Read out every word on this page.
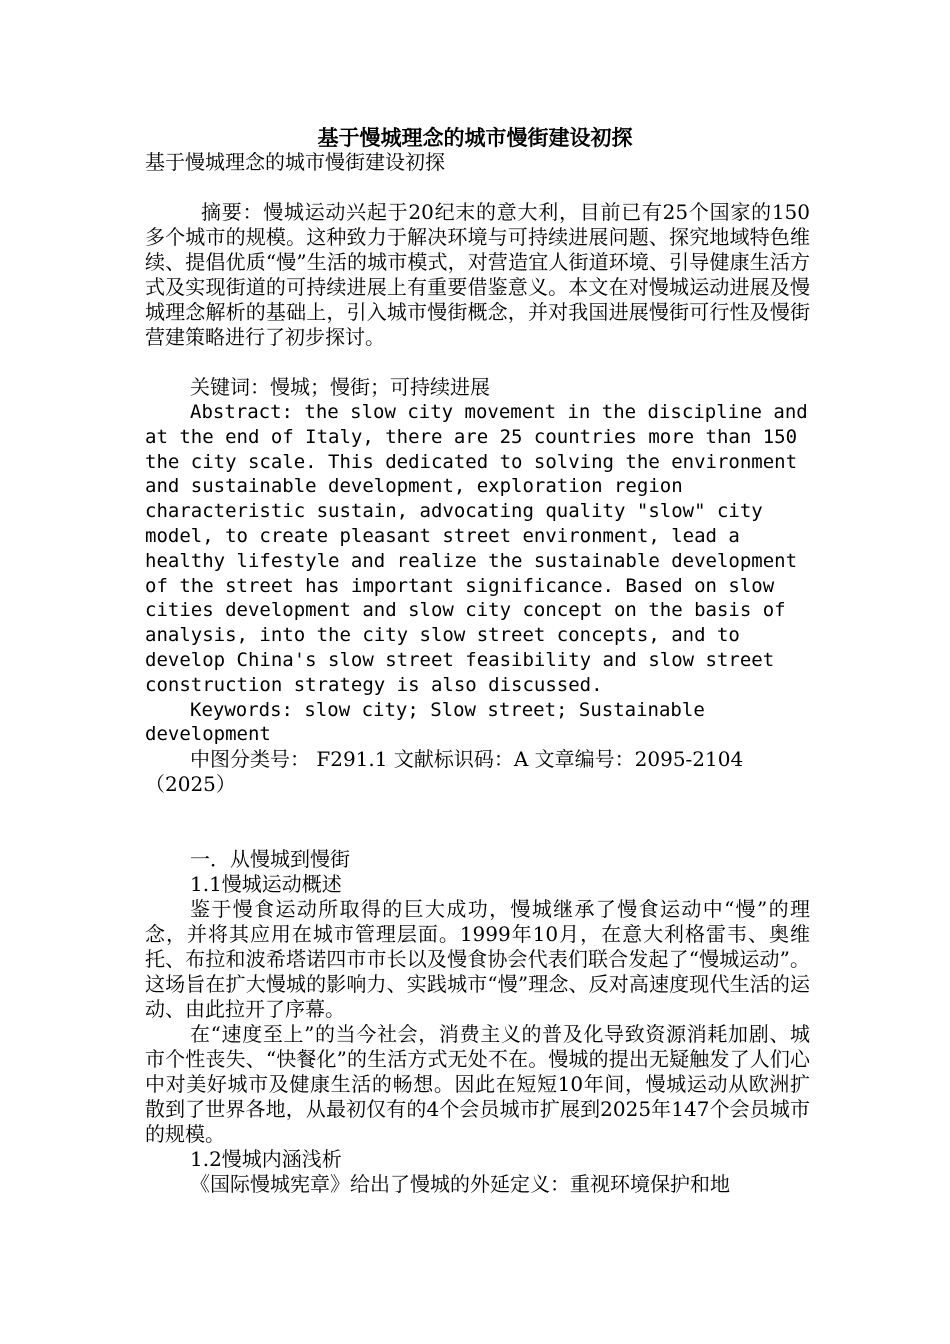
基于慢城理念的城市慢街建设初探

基于慢城理念的城市慢街建设初探

摘要：慢城运动兴起于20纪末的意大利，目前已有25个国家的150多个城市的规模。这种致力于解决环境与可持续进展问题、探究地域特色维续、提倡优质“慢”生活的城市模式，对营造宜人街道环境、引导健康生活方式及实现街道的可持续进展上有重要借鉴意义。本文在对慢城运动进展及慢城理念解析的基础上，引入城市慢街概念，并对我国进展慢街可行性及慢街营建策略进行了初步探讨。

关键词：慢城；慢街；可持续进展

Abstract: the slow city movement in the discipline and at the end of Italy, there are 25 countries more than 150 the city scale. This dedicated to solving the environment and sustainable development, exploration region characteristic sustain, advocating quality "slow" city model, to create pleasant street environment, lead a healthy lifestyle and realize the sustainable development of the street has important significance. Based on slow cities development and slow city concept on the basis of analysis, into the city slow street concepts, and to develop China's slow street feasibility and slow street construction strategy is also discussed.

Keywords: slow city; Slow street; Sustainable development

中图分类号： F291.1 文献标识码：A 文章编号：2095-2104（2025）

一．从慢城到慢街

1.1慢城运动概述

鉴于慢食运动所取得的巨大成功，慢城继承了慢食运动中“慢”的理念，并将其应用在城市管理层面。1999年10月，在意大利格雷韦、奥维托、布拉和波希塔诺四市市长以及慢食协会代表们联合发起了“慢城运动”。这场旨在扩大慢城的影响力、实践城市“慢”理念、反对高速度现代生活的运动、由此拉开了序幕。

在“速度至上”的当今社会，消费主义的普及化导致资源消耗加剧、城市个性丧失、“快餐化”的生活方式无处不在。慢城的提出无疑触发了人们心中对美好城市及健康生活的畅想。因此在短短10年间，慢城运动从欧洲扩散到了世界各地，从最初仅有的4个会员城市扩展到2025年147个会员城市的规模。

1.2慢城内涵浅析

《国际慢城宪章》给出了慢城的外延定义：重视环境保护和地
